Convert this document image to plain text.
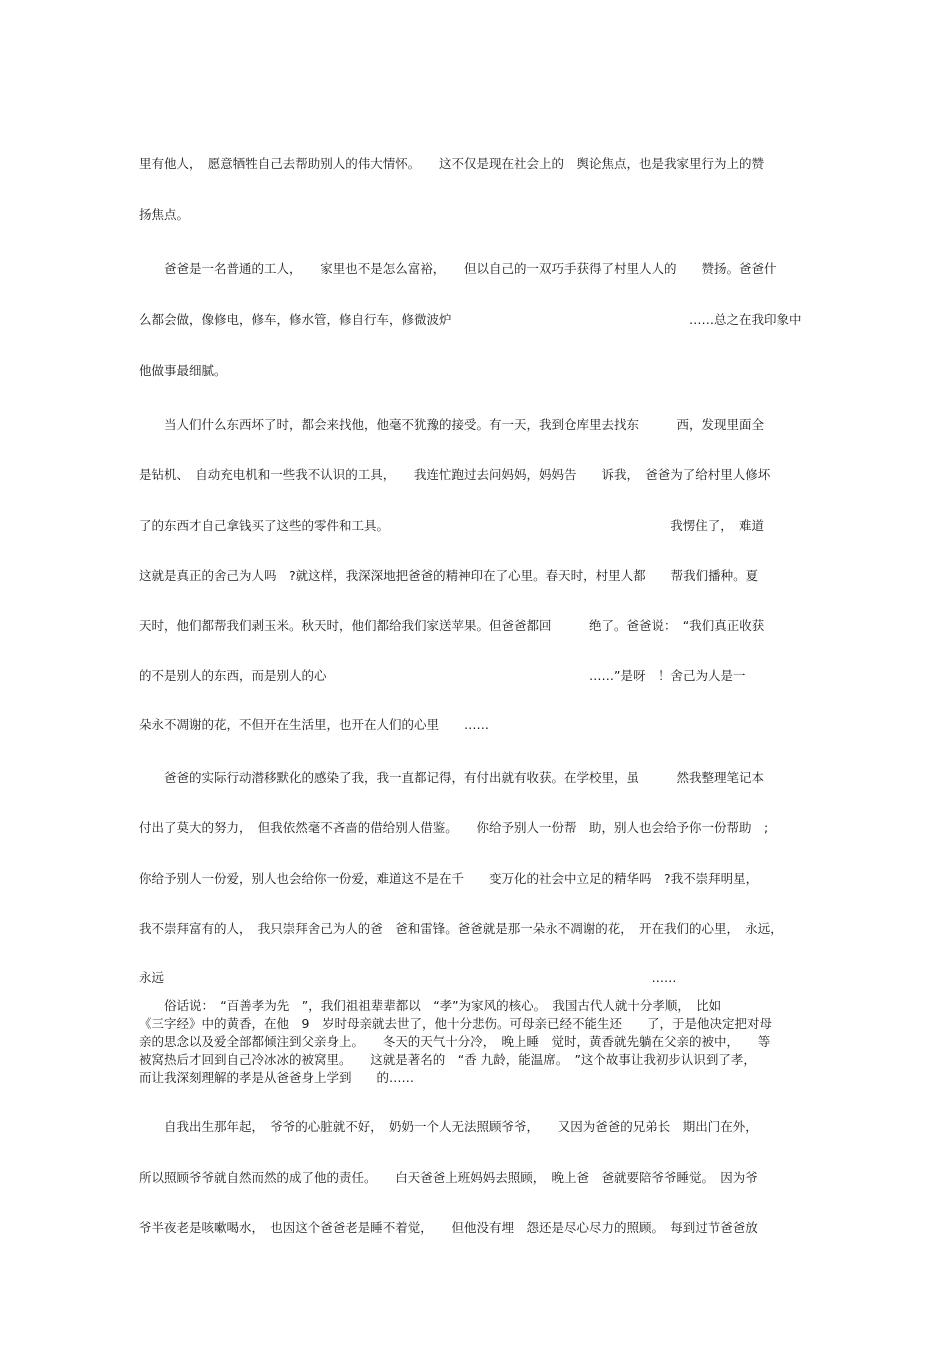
里有他人，　愿意牺牲自己去帮助别人的伟大情怀。　　这不仅是现在社会上的　舆论焦点，也是我家里行为上的赞
扬焦点。
　　爸爸是一名普通的工人，　　家里也不是怎么富裕，　　但以自己的一双巧手获得了村里人人的　　赞扬。爸爸什
么都会做，像修电，修车，修水管，修自行车，修微波炉　　　　　　　　　　　　　　　　　　　……总之在我印象中
他做事最细腻。
　　当人们什么东西坏了时，都会来找他，他毫不犹豫的接受。有一天，我到仓库里去找东　　　西，发现里面全
是钻机、　自动充电机和一些我不认识的工具，　　我连忙跑过去问妈妈，妈妈告　　诉我，　爸爸为了给村里人修坏
了的东西才自己拿钱买了这些的零件和工具。　　　　　　　　　　　　　　　　　　　　　　　我愣住了，　难道
这就是真正的舍己为人吗　?就这样，我深深地把爸爸的精神印在了心里。春天时，村里人都　　帮我们播种。夏
天时，他们都帮我们剥玉米。秋天时，他们都给我们家送苹果。但爸爸都回　　　绝了。爸爸说：　“我们真正收获
的不是别人的东西，而是别人的心　　　　　　　　　　　　　　　　　　　　　……”是呀　！舍己为人是一
朵永不凋谢的花，不但开在生活里，也开在人们的心里　　……
　　爸爸的实际行动潜移默化的感染了我，我一直都记得，有付出就有收获。在学校里，虽　　　然我整理笔记本
付出了莫大的努力，　但我依然毫不吝啬的借给别人借鉴。　　你给予别人一份帮　助，别人也会给予你一份帮助　;
你给予别人一份爱，别人也会给你一份爱，难道这不是在千　　变万化的社会中立足的精华吗　?我不崇拜明星，
我不崇拜富有的人，　我只崇拜舍己为人的爸　爸和雷锋。爸爸就是那一朵永不凋谢的花，　开在我们的心里，　永远，
永远　　　　　　　　　　　　　　　　　　　　　　　　　　　　　　　　　　　　　　　……
　　俗话说：　“百善孝为先　”，我们祖祖辈辈都以　“孝”为家风的核心。　我国古代人就十分孝顺，　比如
《三字经》中的黄香，在他　9　岁时母亲就去世了，他十分悲伤。可母亲已经不能生还　　了，于是他决定把对母
亲的思念以及爱全部都倾注到父亲身上。　　冬天的天气十分冷，　晚上睡　觉时，黄香就先躺在父亲的被中，　　等
被窝热后才回到自己冷冰冰的被窝里。　　这就是著名的　“香 九龄，能温席。　”这个故事让我初步认识到了孝，
而让我深刻理解的孝是从爸爸身上学到　　的……
　　自我出生那年起，　爷爷的心脏就不好，　奶奶一个人无法照顾爷爷，　　又因为爸爸的兄弟长　期出门在外，
所以照顾爷爷就自然而然的成了他的责任。　　白天爸爸上班妈妈去照顾，　晚上爸　爸就要陪爷爷睡觉。　因为爷
爷半夜老是咳嗽喝水，　也因这个爸爸老是睡不着觉，　　但他没有埋　怨还是尽心尽力的照顾。　每到过节爸爸放
